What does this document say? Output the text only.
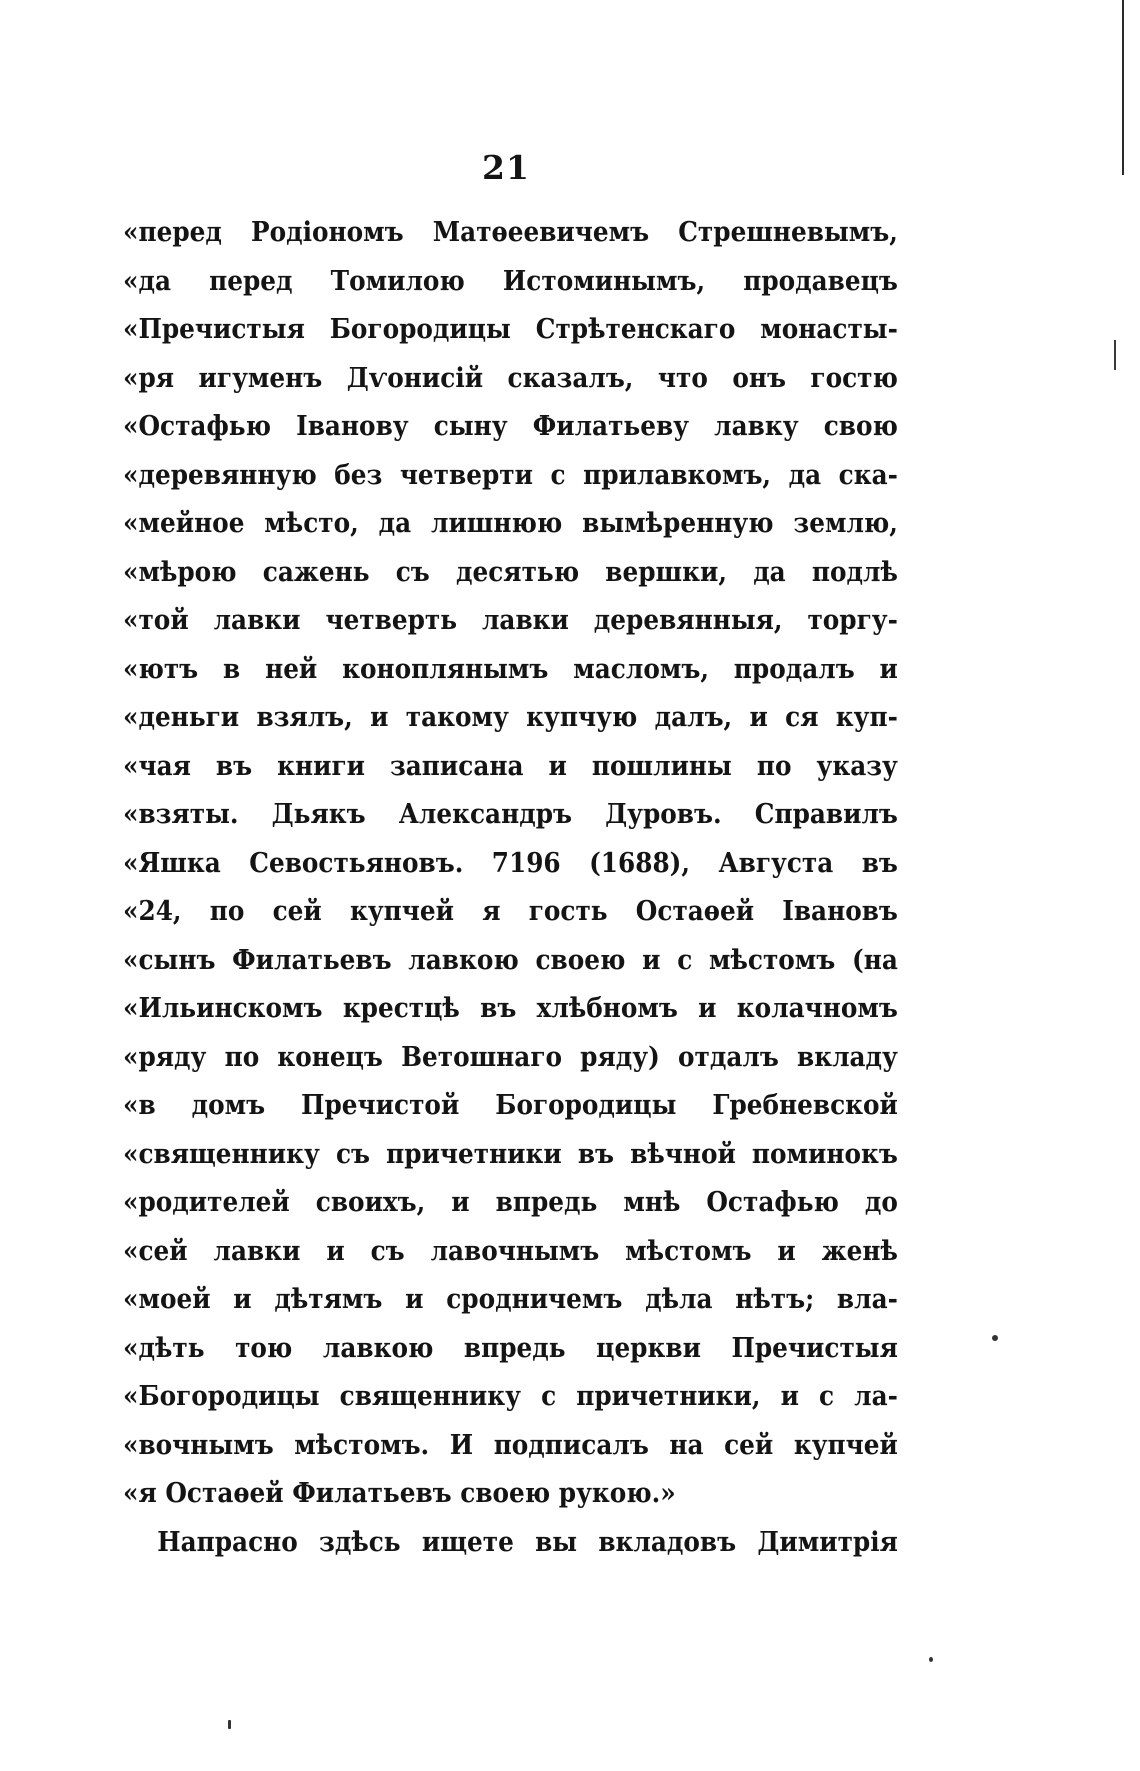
21
«перед Родіономъ Матѳеевичемъ Стрешневымъ,
«да перед Томилою Истоминымъ, продавецъ
«Пречистыя Богородицы Стрѣтенскаго монасты-
«ря игуменъ Дѵонисій сказалъ, что онъ гостю
«Остафью Іванову сыну Филатьеву лавку свою
«деревянную без четверти с прилавкомъ, да ска-
«мейное мѣсто, да лишнюю вымѣренную землю,
«мѣрою сажень съ десятью вершки, да подлѣ
«той лавки четверть лавки деревянныя, торгу-
«ютъ в ней коноплянымъ масломъ, продалъ и
«деньги взялъ, и такому купчую далъ, и ся куп-
«чая въ книги записана и пошлины по указу
«взяты. Дьякъ Александръ Дуровъ. Справилъ
«Яшка Севостьяновъ. 7196 (1688), Августа въ
«24, по сей купчей я гость Остаѳей Івановъ
«сынъ Филатьевъ лавкою своею и с мѣстомъ (на
«Ильинскомъ крестцѣ въ хлѣбномъ и колачномъ
«ряду по конецъ Ветошнаго ряду) отдалъ вкладу
«в домъ Пречистой Богородицы Гребневской
«священнику съ причетники въ вѣчной поминокъ
«родителей своихъ, и впредь мнѣ Остафью до
«сей лавки и съ лавочнымъ мѣстомъ и женѣ
«моей и дѣтямъ и сродничемъ дѣла нѣтъ; вла-
«дѣть тою лавкою впредь церкви Пречистыя
«Богородицы священнику с причетники, и с ла-
«вочнымъ мѣстомъ. И подписалъ на сей купчей
«я Остаѳей Филатьевъ своею рукою.»
Напрасно здѣсь ищете вы вкладовъ Димитрія
